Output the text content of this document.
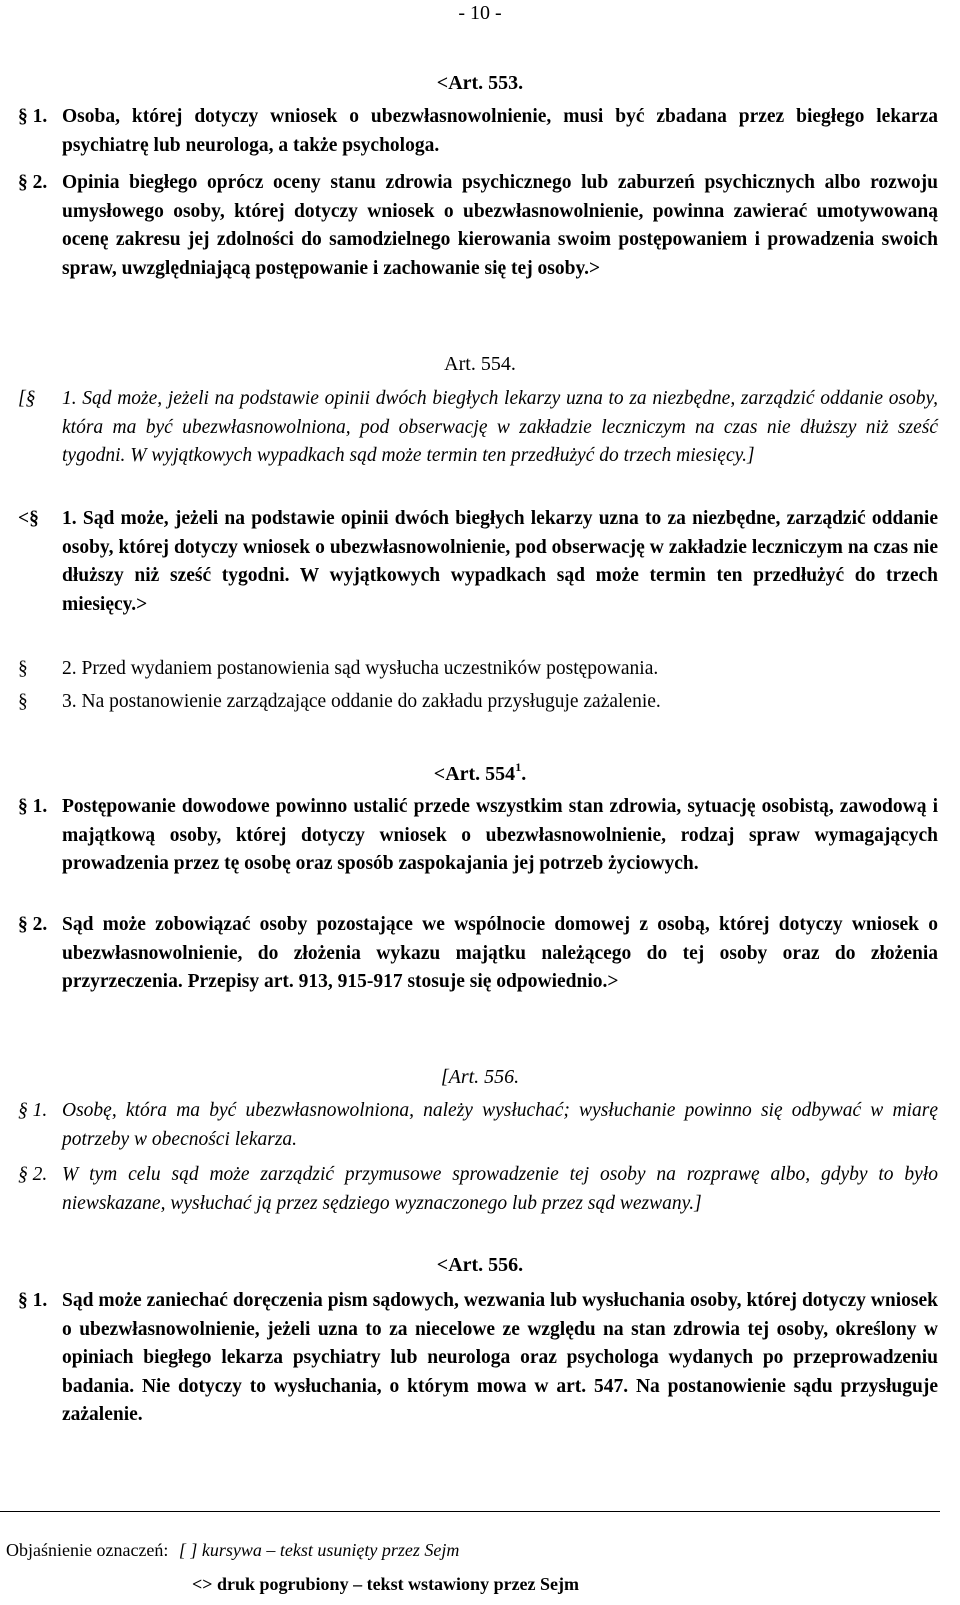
- 10 -
<Art. 553.
§ 1. Osoba, której dotyczy wniosek o ubezwłasnowolnienie, musi być zbadana przez biegłego lekarza psychiatrę lub neurologa, a także psychologa.
§ 2. Opinia biegłego oprócz oceny stanu zdrowia psychicznego lub zaburzeń psychicznych albo rozwoju umysłowego osoby, której dotyczy wniosek o ubezwłasnowolnienie, powinna zawierać umotywowaną ocenę zakresu jej zdolności do samodzielnego kierowania swoim postępowaniem i prowadzenia swoich spraw, uwzględniającą postępowanie i zachowanie się tej osoby.>
Art. 554.
[§ 1. Sąd może, jeżeli na podstawie opinii dwóch biegłych lekarzy uzna to za niezbędne, zarządzić oddanie osoby, która ma być ubezwłasnowolniona, pod obserwację w zakładzie leczniczym na czas nie dłuższy niż sześć tygodni. W wyjątkowych wypadkach sąd może termin ten przedłużyć do trzech miesięcy.]
<§ 1. Sąd może, jeżeli na podstawie opinii dwóch biegłych lekarzy uzna to za niezbędne, zarządzić oddanie osoby, której dotyczy wniosek o ubezwłasnowolnienie, pod obserwację w zakładzie leczniczym na czas nie dłuższy niż sześć tygodni. W wyjątkowych wypadkach sąd może termin ten przedłużyć do trzech miesięcy.>
§ 2. Przed wydaniem postanowienia sąd wysłucha uczestników postępowania.
§ 3. Na postanowienie zarządzające oddanie do zakładu przysługuje zażalenie.
<Art. $554^1$.
§ 1. Postępowanie dowodowe powinno ustalić przede wszystkim stan zdrowia, sytuację osobistą, zawodową i majątkową osoby, której dotyczy wniosek o ubezwłasnowolnienie, rodzaj spraw wymagających prowadzenia przez tę osobę oraz sposób zaspokajania jej potrzeb życiowych.
§ 2. Sąd może zobowiązać osoby pozostające we wspólnocie domowej z osobą, której dotyczy wniosek o ubezwłasnowolnienie, do złożenia wykazu majątku należącego do tej osoby oraz do złożenia przyrzeczenia. Przepisy art. 913, 915-917 stosuje się odpowiednio.>
[Art. 556.
§ 1. Osobę, która ma być ubezwłasnowolniona, należy wysłuchać; wysłuchanie powinno się odbywać w miarę potrzeby w obecności lekarza.
§ 2. W tym celu sąd może zarządzić przymusowe sprowadzenie tej osoby na rozprawę albo, gdyby to było niewskazane, wysłuchać ją przez sędziego wyznaczonego lub przez sąd wezwany.]
<Art. 556.
§ 1. Sąd może zaniechać doręczenia pism sądowych, wezwania lub wysłuchania osoby, której dotyczy wniosek o ubezwłasnowolnienie, jeżeli uzna to za niecelowe ze względu na stan zdrowia tej osoby, określony w opiniach biegłego lekarza psychiatry lub neurologa oraz psychologa wydanych po przeprowadzeniu badania. Nie dotyczy to wysłuchania, o którym mowa w art. 547. Na postanowienie sądu przysługuje zażalenie.
Objaśnienie oznaczeń: [ ] kursywa – tekst usunięty przez Sejm
<> druk pogrubiony – tekst wstawiony przez Sejm
